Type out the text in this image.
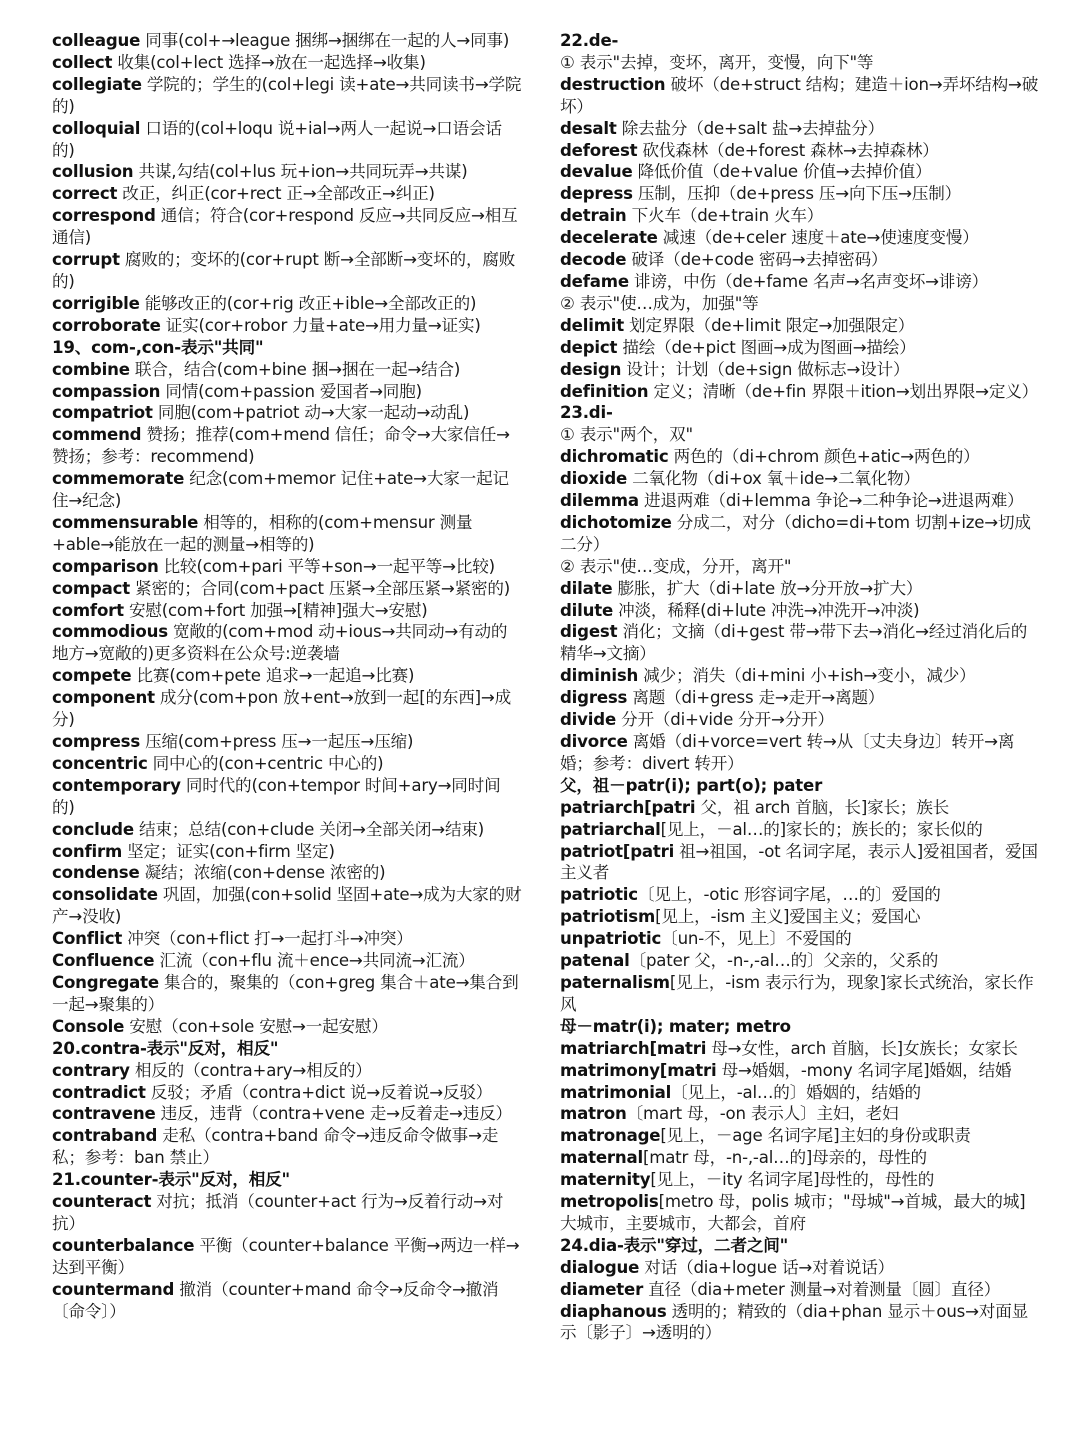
colleague 同事(col+→league 捆绑→捆绑在一起的人→同事)

collect 收集(col+lect 选择→放在一起选择→收集)

collegiate 学院的；学生的(col+legi 读+ate→共同读书→学院的)

colloquial 口语的(col+loqu 说+ial→两人一起说→口语会话的)

collusion 共谋,勾结(col+lus 玩+ion→共同玩弄→共谋)

correct 改正，纠正(cor+rect 正→全部改正→纠正)

correspond 通信；符合(cor+respond 反应→共同反应→相互通信)

corrupt 腐败的；变坏的(cor+rupt 断→全部断→变坏的，腐败的)

corrigible 能够改正的(cor+rig 改正+ible→全部改正的)

corroborate 证实(cor+robor 力量+ate→用力量→证实)

19、com-,con-表示"共同"

combine 联合，结合(com+bine 捆→捆在一起→结合)

compassion 同情(com+passion 爱国者→同胞)

compatriot 同胞(com+patriot 动→大家一起动→动乱)

commend 赞扬；推荐(com+mend 信任；命令→大家信任→赞扬；参考：recommend)

commemorate 纪念(com+memor 记住+ate→大家一起记住→纪念)

commensurable 相等的，相称的(com+mensur 测量+able→能放在一起的测量→相等的)

comparison 比较(com+pari 平等+son→一起平等→比较)

compact 紧密的；合同(com+pact 压紧→全部压紧→紧密的)

comfort 安慰(com+fort 加强→[精神]强大→安慰)

commodious 宽敞的(com+mod 动+ious→共同动→有动的地方→宽敞的)更多资料在公众号:逆袭墙

compete 比赛(com+pete 追求→一起追→比赛)

component 成分(com+pon 放+ent→放到一起[的东西]→成分)

compress 压缩(com+press 压→一起压→压缩)

concentric 同中心的(con+centric 中心的)

contemporary 同时代的(con+tempor 时间+ary→同时间的)

conclude 结束；总结(con+clude 关闭→全部关闭→结束)

confirm 坚定；证实(con+firm 坚定)

condense 凝结；浓缩(con+dense 浓密的)

consolidate 巩固，加强(con+solid 坚固+ate→成为大家的财产→没收)

Conflict 冲突（con+flict 打→一起打斗→冲突）

Confluence 汇流（con+flu 流＋ence→共同流→汇流）

Congregate 集合的，聚集的（con+greg 集合＋ate→集合到一起→聚集的）

Console 安慰（con+sole 安慰→一起安慰）

20.contra-表示"反对，相反"

contrary 相反的（contra+ary→相反的）

contradict 反驳；矛盾（contra+dict 说→反着说→反驳）

contravene 违反，违背（contra+vene 走→反着走→违反）

contraband 走私（contra+band 命令→违反命令做事→走私；参考：ban 禁止）

21.counter-表示"反对，相反"

counteract 对抗；抵消（counter+act 行为→反着行动→对抗）

counterbalance 平衡（counter+balance 平衡→两边一样→达到平衡）

countermand 撤消（counter+mand 命令→反命令→撤消〔命令〕）

22.de-

① 表示"去掉，变坏，离开，变慢，向下"等

destruction 破坏（de+struct 结构；建造＋ion→弄坏结构→破坏）

desalt 除去盐分（de+salt 盐→去掉盐分）

deforest 砍伐森林（de+forest 森林→去掉森林）

devalue 降低价值（de+value 价值→去掉价值）

depress 压制，压抑（de+press 压→向下压→压制）

detrain 下火车（de+train 火车）

decelerate 减速（de+celer 速度＋ate→使速度变慢）

decode 破译（de+code 密码→去掉密码）

defame 诽谤，中伤（de+fame 名声→名声变坏→诽谤）

② 表示"使…成为，加强"等

delimit 划定界限（de+limit 限定→加强限定）

depict 描绘（de+pict 图画→成为图画→描绘）

design 设计；计划（de+sign 做标志→设计）

definition 定义；清晰（de+fin 界限＋ition→划出界限→定义）

23.di-

① 表示"两个，双"

dichromatic 两色的（di+chrom 颜色+atic→两色的）

dioxide 二氧化物（di+ox 氧＋ide→二氧化物）

dilemma 进退两难（di+lemma 争论→二种争论→进退两难）

dichotomize 分成二，对分（dicho=di+tom 切割+ize→切成二分）

② 表示"使…变成，分开，离开"

dilate 膨胀，扩大（di+late 放→分开放→扩大）

dilute 冲淡，稀释(di+lute 冲洗→冲洗开→冲淡)

digest 消化；文摘（di+gest 带→带下去→消化→经过消化后的精华→文摘）

diminish 减少；消失（di+mini 小+ish→变小，减少）

digress 离题（di+gress 走→走开→离题）

divide 分开（di+vide 分开→分开）

divorce 离婚（di+vorce=vert 转→从〔丈夫身边〕转开→离婚；参考：divert 转开）

父，祖－patr(i); part(o); pater

patriarch[patri 父，祖 arch 首脑，长]家长；族长

patriarchal[见上，－al…的]家长的；族长的；家长似的

patriot[patri 祖→祖国，-ot 名词字尾，表示人]爱祖国者，爱国主义者

patriotic〔见上，-otic 形容词字尾，…的〕爱国的

patriotism[见上，-ism 主义]爱国主义；爱国心

unpatriotic〔un-不，见上〕不爱国的

patenal〔pater 父，-n-,-al…的〕父亲的，父系的

paternalism[见上，-ism 表示行为，现象]家长式统治，家长作风

母－matr(i); mater; metro

matriarch[matri 母→女性，arch 首脑，长]女族长；女家长

matrimony[matri 母→婚姻，-mony 名词字尾]婚姻，结婚

matrimonial〔见上，-al…的〕婚姻的，结婚的

matron〔mart 母，-on 表示人〕主妇，老妇

matronage[见上，－age 名词字尾]主妇的身份或职责

maternal[matr 母，-n-,-al…的]母亲的，母性的

maternity[见上，－ity 名词字尾]母性的，母性的

metropolis[metro 母，polis 城市；"母城"→首城，最大的城]大城市，主要城市，大都会，首府

24.dia-表示"穿过，二者之间"

dialogue 对话（dia+logue 话→对着说话）

diameter 直径（dia+meter 测量→对着测量〔圆〕直径）

diaphanous 透明的；精致的（dia+phan 显示＋ous→对面显示〔影子〕→透明的）
